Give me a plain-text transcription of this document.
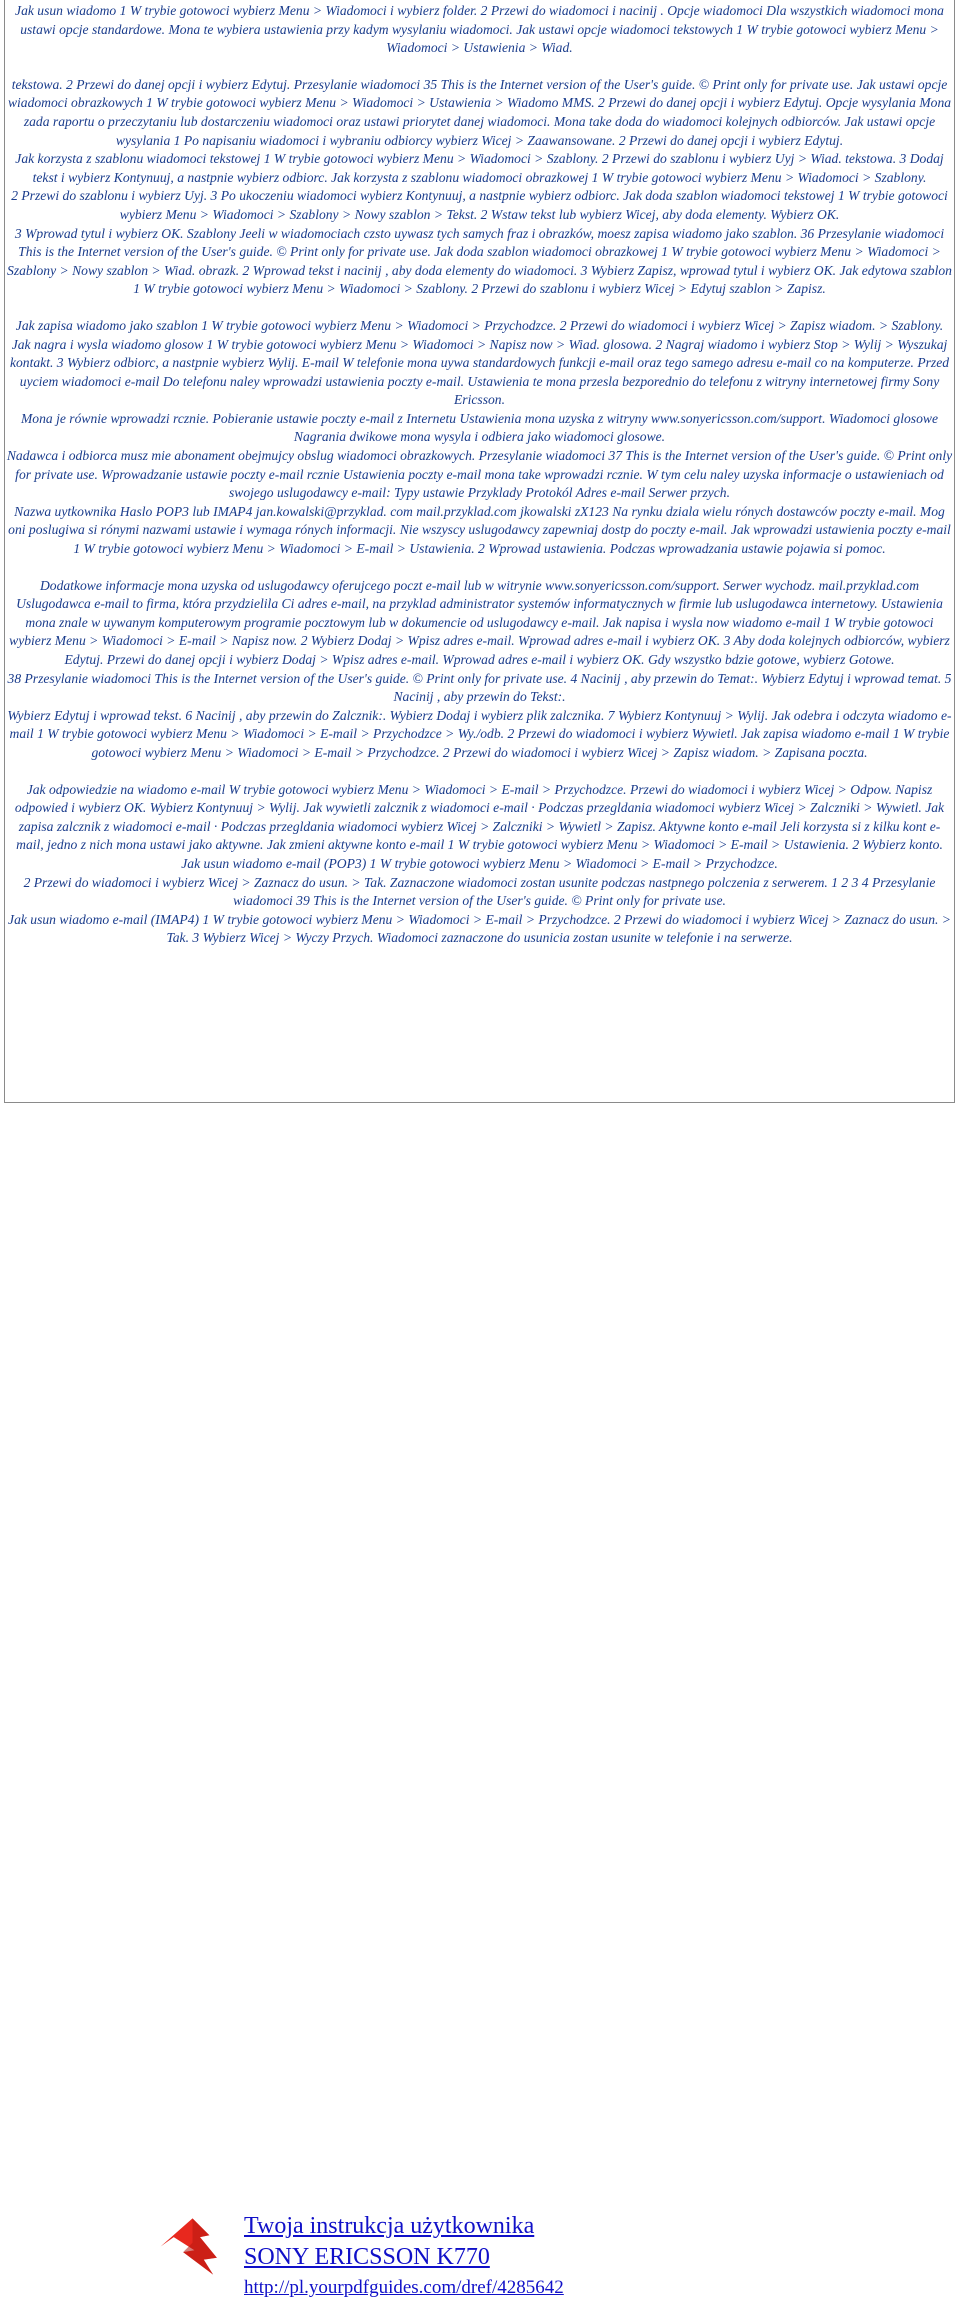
Jak usun wiadomo 1 W trybie gotowoci wybierz Menu > Wiadomoci i wybierz folder. 2 Przewi do wiadomoci i nacinij . Opcje wiadomoci Dla wszystkich wiadomoci mona ustawi opcje standardowe. Mona te wybiera ustawienia przy kadym wysylaniu wiadomoci. Jak ustawi opcje wiadomoci tekstowych 1 W trybie gotowoci wybierz Menu > Wiadomoci > Ustawienia > Wiad.

tekstowa. 2 Przewi do danej opcji i wybierz Edytuj. Przesylanie wiadomoci 35 This is the Internet version of the User's guide. © Print only for private use. Jak ustawi opcje wiadomoci obrazkowych 1 W trybie gotowoci wybierz Menu > Wiadomoci > Ustawienia > Wiadomo MMS. 2 Przewi do danej opcji i wybierz Edytuj. Opcje wysylania Mona zada raportu o przeczytaniu lub dostarczeniu wiadomoci oraz ustawi priorytet danej wiadomoci. Mona take doda do wiadomoci kolejnych odbiorców. Jak ustawi opcje wysylania 1 Po napisaniu wiadomoci i wybraniu odbiorcy wybierz Wicej > Zaawansowane. 2 Przewi do danej opcji i wybierz Edytuj.

Jak korzysta z szablonu wiadomoci tekstowej 1 W trybie gotowoci wybierz Menu > Wiadomoci > Szablony. 2 Przewi do szablonu i wybierz Uyj > Wiad. tekstowa. 3 Dodaj tekst i wybierz Kontynuuj, a nastpnie wybierz odbiorc. Jak korzysta z szablonu wiadomoci obrazkowej 1 W trybie gotowoci wybierz Menu > Wiadomoci > Szablony.

2 Przewi do szablonu i wybierz Uyj. 3 Po ukoczeniu wiadomoci wybierz Kontynuuj, a nastpnie wybierz odbiorc. Jak doda szablon wiadomoci tekstowej 1 W trybie gotowoci wybierz Menu > Wiadomoci > Szablony > Nowy szablon > Tekst. 2 Wstaw tekst lub wybierz Wicej, aby doda elementy. Wybierz OK.

3 Wprowad tytul i wybierz OK. Szablony Jeeli w wiadomociach czsto uywasz tych samych fraz i obrazków, moesz zapisa wiadomo jako szablon. 36 Przesylanie wiadomoci This is the Internet version of the User's guide. © Print only for private use. Jak doda szablon wiadomoci obrazkowej 1 W trybie gotowoci wybierz Menu > Wiadomoci > Szablony > Nowy szablon > Wiad. obrazk. 2 Wprowad tekst i nacinij , aby doda elementy do wiadomoci. 3 Wybierz Zapisz, wprowad tytul i wybierz OK. Jak edytowa szablon 1 W trybie gotowoci wybierz Menu > Wiadomoci > Szablony. 2 Przewi do szablonu i wybierz Wicej > Edytuj szablon > Zapisz.

Jak zapisa wiadomo jako szablon 1 W trybie gotowoci wybierz Menu > Wiadomoci > Przychodzce. 2 Przewi do wiadomoci i wybierz Wicej > Zapisz wiadom. > Szablony. Jak nagra i wysla wiadomo glosow 1 W trybie gotowoci wybierz Menu > Wiadomoci > Napisz now > Wiad. glosowa. 2 Nagraj wiadomo i wybierz Stop > Wylij > Wyszukaj kontakt. 3 Wybierz odbiorc, a nastpnie wybierz Wylij. E-mail W telefonie mona uywa standardowych funkcji e-mail oraz tego samego adresu e-mail co na komputerze. Przed uyciem wiadomoci e-mail Do telefonu naley wprowadzi ustawienia poczty e-mail. Ustawienia te mona przesla bezporednio do telefonu z witryny internetowej firmy Sony Ericsson.

Mona je równie wprowadzi rcznie. Pobieranie ustawie poczty e-mail z Internetu Ustawienia mona uzyska z witryny www.sonyericsson.com/support. Wiadomoci glosowe Nagrania dwikowe mona wysyla i odbiera jako wiadomoci glosowe.

Nadawca i odbiorca musz mie abonament obejmujcy obslug wiadomoci obrazkowych. Przesylanie wiadomoci 37 This is the Internet version of the User's guide. © Print only for private use. Wprowadzanie ustawie poczty e-mail rcznie Ustawienia poczty e-mail mona take wprowadzi rcznie. W tym celu naley uzyska informacje o ustawieniach od swojego uslugodawcy e-mail: Typy ustawie Przyklady Protokól Adres e-mail Serwer przych.

Nazwa uytkownika Haslo POP3 lub IMAP4 jan.kowalski@przyklad. com mail.przyklad.com jkowalski zX123 Na rynku dziala wielu rónych dostawców poczty e-mail. Mog oni poslugiwa si rónymi nazwami ustawie i wymaga rónych informacji. Nie wszyscy uslugodawcy zapewniaj dostp do poczty e-mail. Jak wprowadzi ustawienia poczty e-mail 1 W trybie gotowoci wybierz Menu > Wiadomoci > E-mail > Ustawienia. 2 Wprowad ustawienia. Podczas wprowadzania ustawie pojawia si pomoc.

Dodatkowe informacje mona uzyska od uslugodawcy oferujcego poczt e-mail lub w witrynie www.sonyericsson.com/support. Serwer wychodz. mail.przyklad.com Uslugodawca e-mail to firma, która przydzielila Ci adres e-mail, na przyklad administrator systemów informatycznych w firmie lub uslugodawca internetowy. Ustawienia mona znale w uywanym komputerowym programie pocztowym lub w dokumencie od uslugodawcy e-mail. Jak napisa i wysla now wiadomo e-mail 1 W trybie gotowoci wybierz Menu > Wiadomoci > E-mail > Napisz now. 2 Wybierz Dodaj > Wpisz adres e-mail. Wprowad adres e-mail i wybierz OK. 3 Aby doda kolejnych odbiorców, wybierz Edytuj. Przewi do danej opcji i wybierz Dodaj > Wpisz adres e-mail. Wprowad adres e-mail i wybierz OK. Gdy wszystko bdzie gotowe, wybierz Gotowe.

38 Przesylanie wiadomoci This is the Internet version of the User's guide. © Print only for private use. 4 Nacinij , aby przewin do Temat:. Wybierz Edytuj i wprowad temat. 5 Nacinij , aby przewin do Tekst:.

Wybierz Edytuj i wprowad tekst. 6 Nacinij , aby przewin do Zalcznik:. Wybierz Dodaj i wybierz plik zalcznika. 7 Wybierz Kontynuuj > Wylij. Jak odebra i odczyta wiadomo e-mail 1 W trybie gotowoci wybierz Menu > Wiadomoci > E-mail > Przychodzce > Wy./odb. 2 Przewi do wiadomoci i wybierz Wywietl. Jak zapisa wiadomo e-mail 1 W trybie gotowoci wybierz Menu > Wiadomoci > E-mail > Przychodzce. 2 Przewi do wiadomoci i wybierz Wicej > Zapisz wiadom. > Zapisana poczta.

Jak odpowiedzie na wiadomo e-mail W trybie gotowoci wybierz Menu > Wiadomoci > E-mail > Przychodzce. Przewi do wiadomoci i wybierz Wicej > Odpow. Napisz odpowied i wybierz OK. Wybierz Kontynuuj > Wylij. Jak wywietli zalcznik z wiadomoci e-mail · Podczas przegldania wiadomoci wybierz Wicej > Zalczniki > Wywietl. Jak zapisa zalcznik z wiadomoci e-mail · Podczas przegldania wiadomoci wybierz Wicej > Zalczniki > Wywietl > Zapisz. Aktywne konto e-mail Jeli korzysta si z kilku kont e-mail, jedno z nich mona ustawi jako aktywne. Jak zmieni aktywne konto e-mail 1 W trybie gotowoci wybierz Menu > Wiadomoci > E-mail > Ustawienia. 2 Wybierz konto. Jak usun wiadomo e-mail (POP3) 1 W trybie gotowoci wybierz Menu > Wiadomoci > E-mail > Przychodzce.

2 Przewi do wiadomoci i wybierz Wicej > Zaznacz do usun. > Tak. Zaznaczone wiadomoci zostan usunite podczas nastpnego polczenia z serwerem. 1 2 3 4 Przesylanie wiadomoci 39 This is the Internet version of the User's guide. © Print only for private use.

Jak usun wiadomo e-mail (IMAP4) 1 W trybie gotowoci wybierz Menu > Wiadomoci > E-mail > Przychodzce. 2 Przewi do wiadomoci i wybierz Wicej > Zaznacz do usun. > Tak. 3 Wybierz Wicej > Wyczy Przych. Wiadomoci zaznaczone do usunicia zostan usunite w telefonie i na serwerze.

Twoja instrukcja użytkownika
SONY ERICSSON K770
http://pl.yourpdfguides.com/dref/4285642
